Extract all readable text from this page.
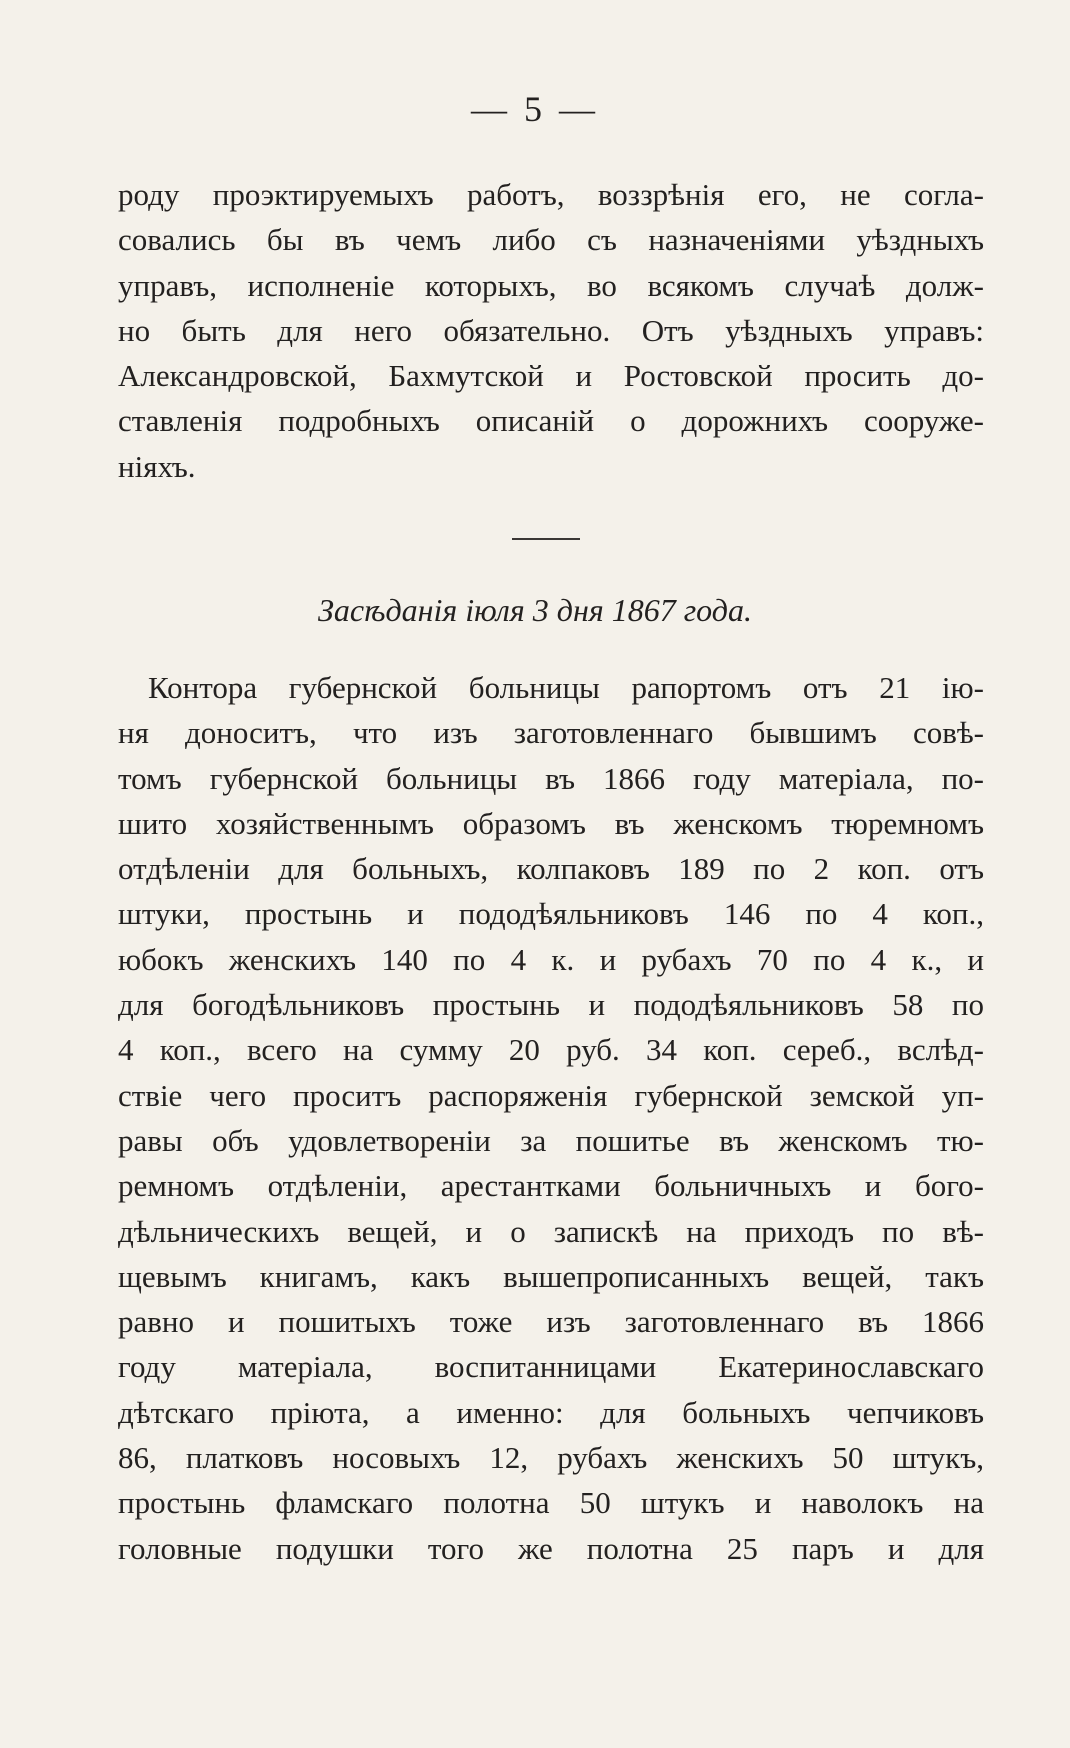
— 5 —
роду проэктируемыхъ работъ, воззрѣнія его, не согла-
совались бы въ чемъ либо съ назначеніями уѣздныхъ
управъ, исполненіе которыхъ, во всякомъ случаѣ долж-
но быть для него обязательно. Отъ уѣздныхъ управъ:
Александровской, Бахмутской и Ростовской просить до-
ставленія подробныхъ описаній о дорожнихъ сооруже-
ніяхъ.
Засѣданія іюля 3 дня 1867 года.
Контора губернской больницы рапортомъ отъ 21 ію-
ня доноситъ, что изъ заготовленнаго бывшимъ совѣ-
томъ губернской больницы въ 1866 году матеріала, по-
шито хозяйственнымъ образомъ въ женскомъ тюремномъ
отдѣленіи для больныхъ, колпаковъ 189 по 2 коп. отъ
штуки, простынь и пододѣяльниковъ 146 по 4 коп.,
юбокъ женскихъ 140 по 4 к. и рубахъ 70 по 4 к., и
для богодѣльниковъ простынь и пододѣяльниковъ 58 по
4 коп., всего на сумму 20 руб. 34 коп. сереб., вслѣд-
ствіе чего проситъ распоряженія губернской земской уп-
равы объ удовлетвореніи за пошитье въ женскомъ тю-
ремномъ отдѣленіи, арестантками больничныхъ и бого-
дѣльническихъ вещей, и о запискѣ на приходъ по вѣ-
щевымъ книгамъ, какъ вышепрописанныхъ вещей, такъ
равно и пошитыхъ тоже изъ заготовленнаго въ 1866
году матеріала, воспитанницами Екатеринославскаго
дѣтскаго пріюта, а именно: для больныхъ чепчиковъ
86, платковъ носовыхъ 12, рубахъ женскихъ 50 штукъ,
простынь фламскаго полотна 50 штукъ и наволокъ на
головные подушки того же полотна 25 паръ и для
